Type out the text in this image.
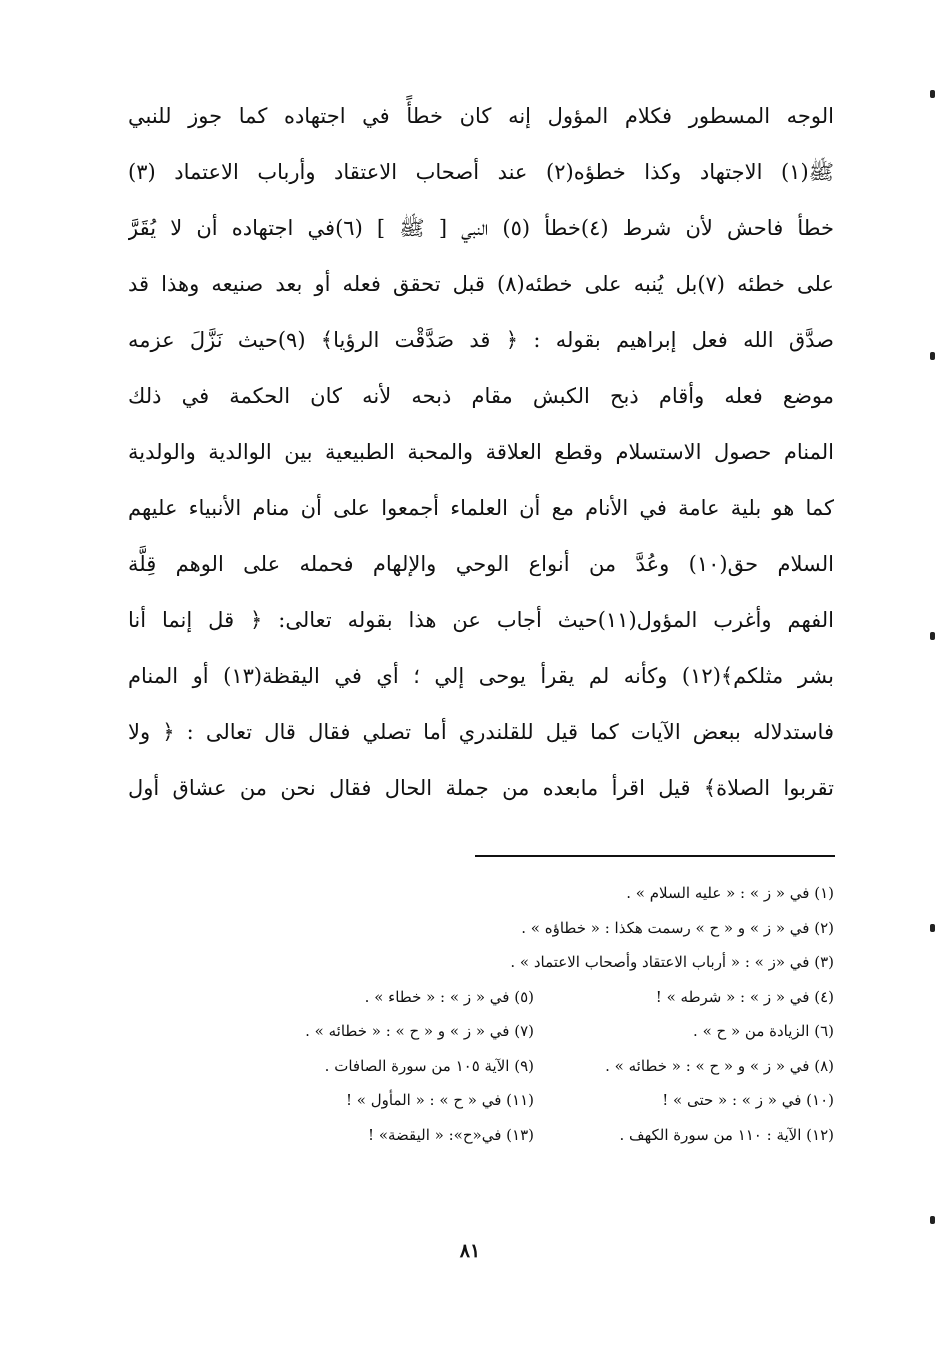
الوجه المسطور فكلام المؤول إنه كان خطأً في اجتهاده كما جوز للنبي
ﷺ(١) الاجتهاد وكذا خطؤه(٢) عند أصحاب الاعتقاد وأرباب الاعتماد (٣)
خطأ فاحش لأن شرط (٤)خطأ (٥) النبي [ ﷺ ] (٦)في اجتهاده أن لا يُقَرَّ
على خطئه (٧)بل يُنبه على خطئه(٨) قبل تحقق فعله أو بعد صنيعه وهذا قد
صدَّق الله فعل إبراهيم بقوله : ﴿ قد صَدَّقْت الرؤيا﴾ (٩)حيث نَزَّلَ عزمه
موضع فعله وأقام ذبح الكبش مقام ذبحه لأنه كان الحكمة في ذلك
المنام حصول الاستسلام وقطع العلاقة والمحبة الطبيعية بين الوالدية والولدية
كما هو بلية عامة في الأنام مع أن العلماء أجمعوا على أن منام الأنبياء عليهم
السلام حق(١٠) وعُدَّ من أنواع الوحي والإلهام فحمله على الوهم قِلَّة
الفهم وأغرب المؤول(١١)حيث أجاب عن هذا بقوله تعالى: ﴿ قل إنما أنا
بشر مثلكم﴾(١٢) وكأنه لم يقرأ يوحى إلي ؛ أي في اليقظة(١٣) أو المنام
فاستدلاله ببعض الآيات كما قيل للقلندري أما تصلي فقال قال تعالى : ﴿ ولا
تقربوا الصلاة﴾ قيل اقرأ مابعده من جملة الحال فقال نحن من عشاق أول
(١) في « ز » : « عليه السلام » .
(٢) في « ز » و « ح » رسمت هكذا : « خطاؤه » .
(٣) في «ز » : « أرباب الاعتقاد وأصحاب الاعتماد » .
(٤) في « ز » : « شرطه » !
(٥) في « ز » : « خطاء » .
(٦) الزيادة من « ح » .
(٧) في « ز » و « ح » : « خطائه » .
(٨) في « ز » و « ح » : « خطائه » .
(٩) الآية ١٠٥ من سورة الصافات .
(١٠) في « ز » : « حتى » !
(١١) في « ح » : « المأول » !
(١٢) الآية : ١١٠ من سورة الكهف .
(١٣) في«ح»: « اليقضة» !
٨١
